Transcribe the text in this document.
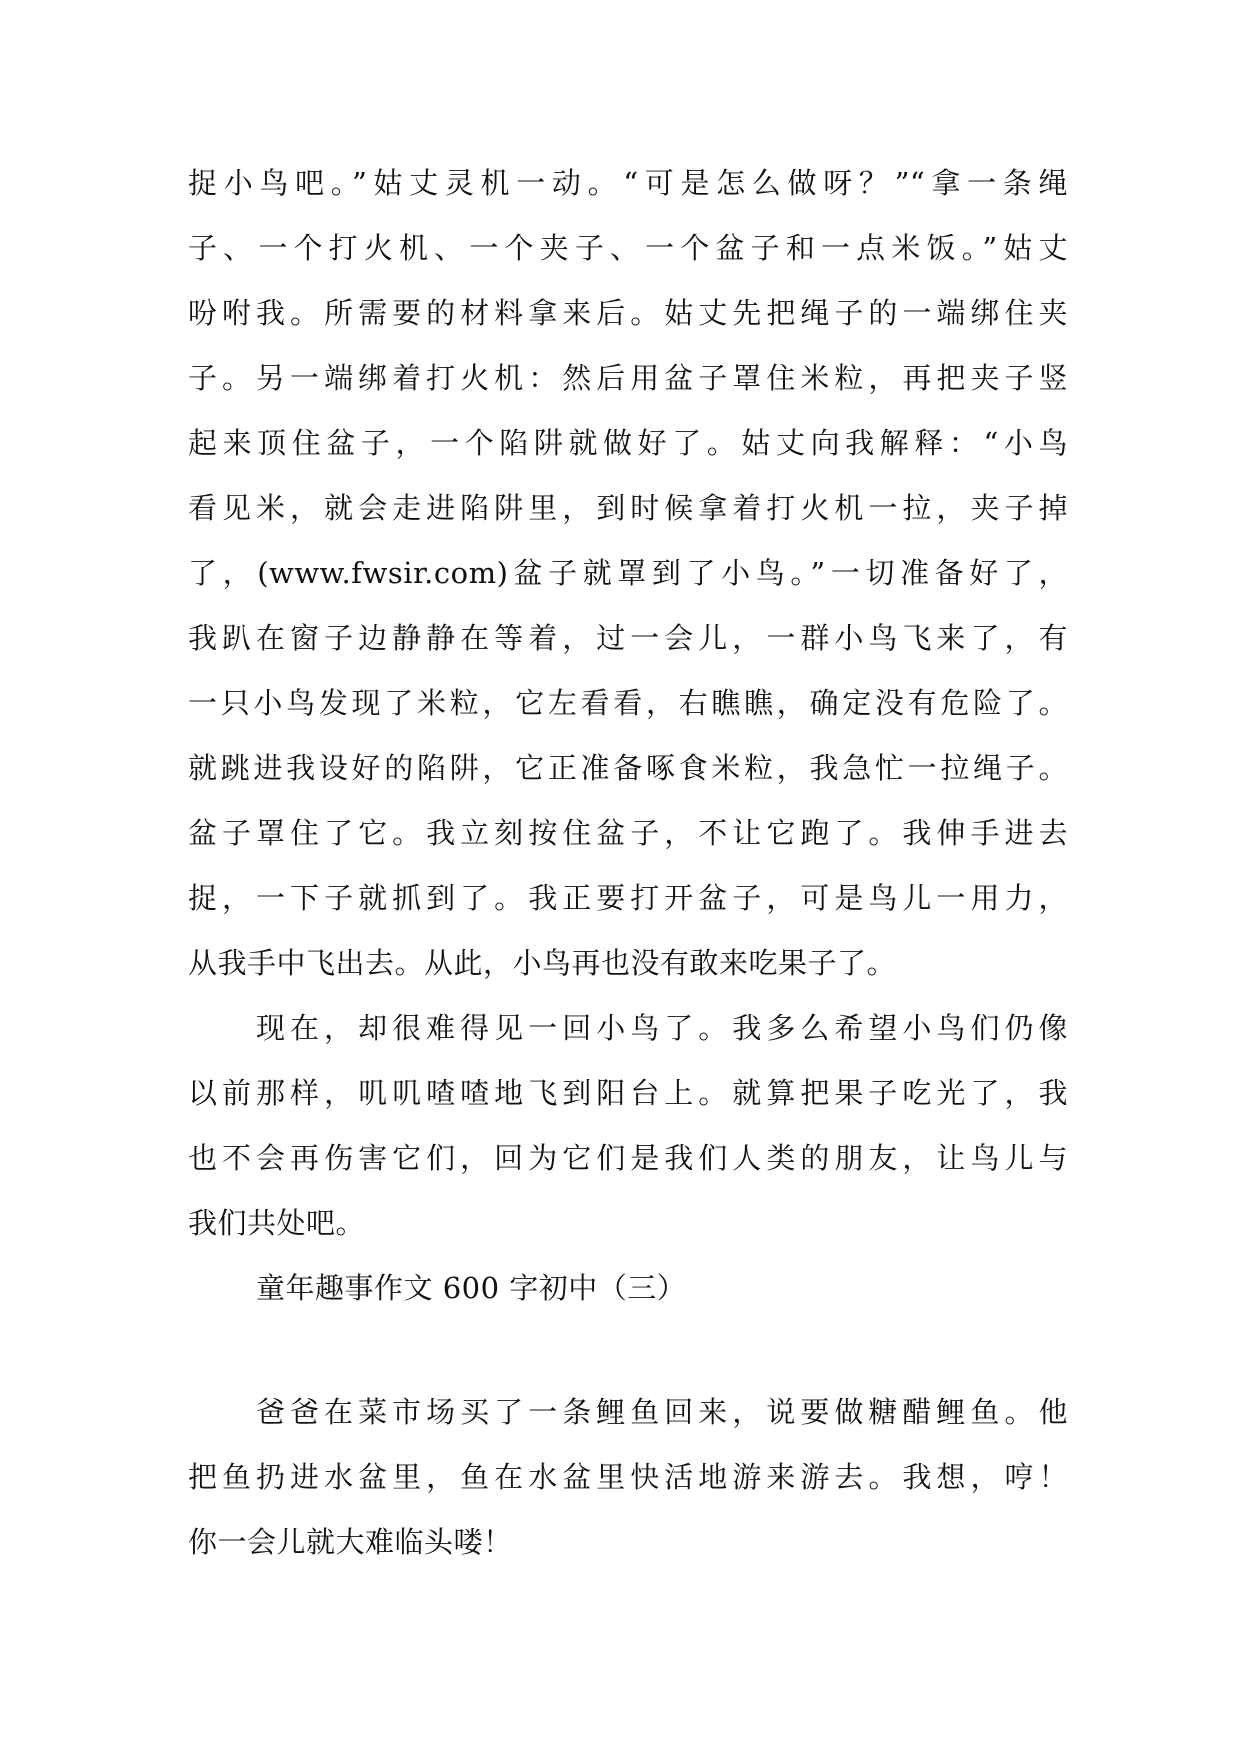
捉小鸟吧。”姑丈灵机一动。“可是怎么做呀？”“拿一条绳
子、一个打火机、一个夹子、一个盆子和一点米饭。”姑丈
吩咐我。所需要的材料拿来后。姑丈先把绳子的一端绑住夹
子。另一端绑着打火机：然后用盆子罩住米粒，再把夹子竖
起来顶住盆子，一个陷阱就做好了。姑丈向我解释：“小鸟
看见米，就会走进陷阱里，到时候拿着打火机一拉，夹子掉
了，(www.fwsir.com)盆子就罩到了小鸟。”一切准备好了，
我趴在窗子边静静在等着，过一会儿，一群小鸟飞来了，有
一只小鸟发现了米粒，它左看看，右瞧瞧，确定没有危险了。
就跳进我设好的陷阱，它正准备啄食米粒，我急忙一拉绳子。
盆子罩住了它。我立刻按住盆子，不让它跑了。我伸手进去
捉，一下子就抓到了。我正要打开盆子，可是鸟儿一用力，
从我手中飞出去。从此，小鸟再也没有敢来吃果子了。
现在，却很难得见一回小鸟了。我多么希望小鸟们仍像
以前那样，叽叽喳喳地飞到阳台上。就算把果子吃光了，我
也不会再伤害它们，回为它们是我们人类的朋友，让鸟儿与
我们共处吧。
童年趣事作文 600 字初中（三）
爸爸在菜市场买了一条鲤鱼回来，说要做糖醋鲤鱼。他
把鱼扔进水盆里，鱼在水盆里快活地游来游去。我想，哼！
你一会儿就大难临头喽！
